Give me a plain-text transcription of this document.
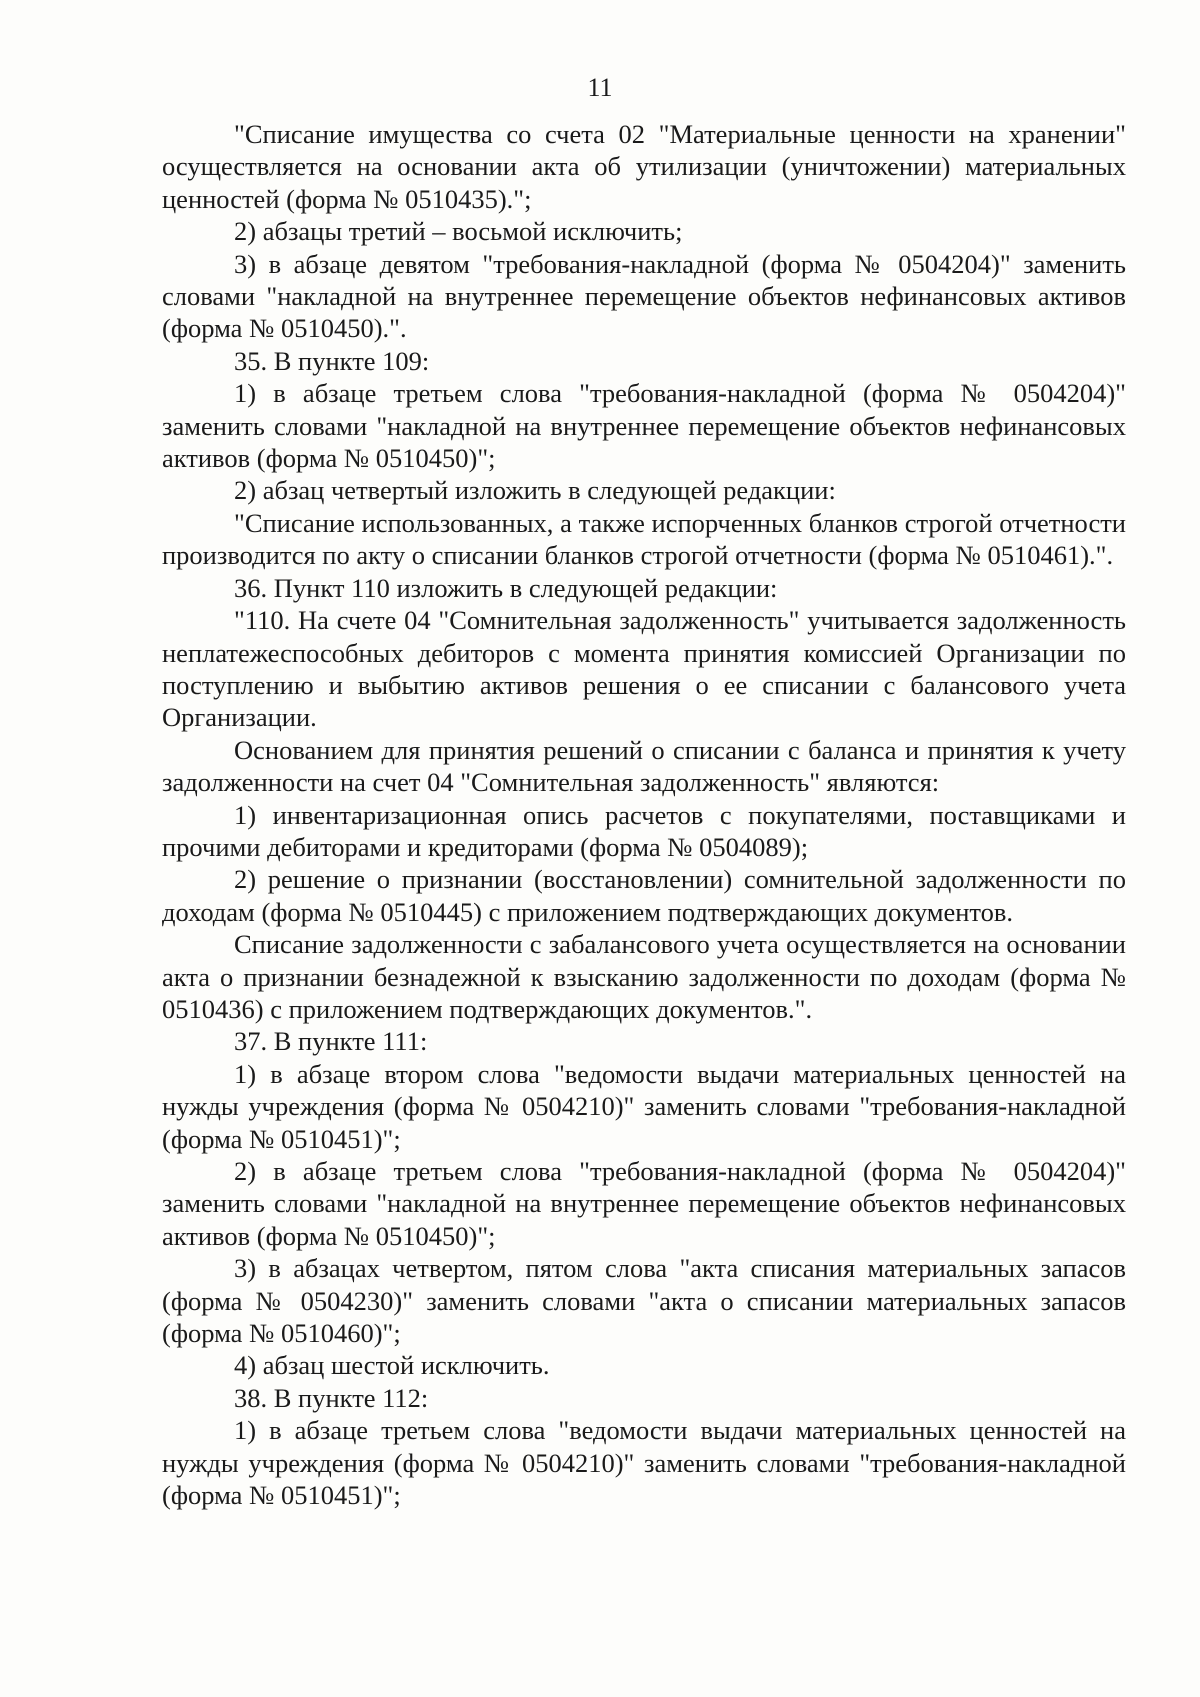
11

"Списание имущества со счета 02 "Материальные ценности на хранении" осуществляется на основании акта об утилизации (уничтожении) материальных ценностей (форма № 0510435).";

2) абзацы третий – восьмой исключить;

3) в абзаце девятом "требования-накладной (форма № 0504204)" заменить словами "накладной на внутреннее перемещение объектов нефинансовых активов (форма № 0510450).".

35. В пункте 109:

1) в абзаце третьем слова "требования-накладной (форма № 0504204)" заменить словами "накладной на внутреннее перемещение объектов нефинансовых активов (форма № 0510450)";

2) абзац четвертый изложить в следующей редакции:

"Списание использованных, а также испорченных бланков строгой отчетности производится по акту о списании бланков строгой отчетности (форма № 0510461).".

36. Пункт 110 изложить в следующей редакции:

"110. На счете 04 "Сомнительная задолженность" учитывается задолженность неплатежеспособных дебиторов с момента принятия комиссией Организации по поступлению и выбытию активов решения о ее списании с балансового учета Организации.

Основанием для принятия решений о списании с баланса и принятия к учету задолженности на счет 04 "Сомнительная задолженность" являются:

1) инвентаризационная опись расчетов с покупателями, поставщиками и прочими дебиторами и кредиторами (форма № 0504089);

2) решение о признании (восстановлении) сомнительной задолженности по доходам (форма № 0510445) с приложением подтверждающих документов.

Списание задолженности с забалансового учета осуществляется на основании акта о признании безнадежной к взысканию задолженности по доходам (форма № 0510436) с приложением подтверждающих документов.".

37. В пункте 111:

1) в абзаце втором слова "ведомости выдачи материальных ценностей на нужды учреждения (форма № 0504210)" заменить словами "требования-накладной (форма № 0510451)";

2) в абзаце третьем слова "требования-накладной (форма № 0504204)" заменить словами "накладной на внутреннее перемещение объектов нефинансовых активов (форма № 0510450)";

3) в абзацах четвертом, пятом слова "акта списания материальных запасов (форма № 0504230)" заменить словами "акта о списании материальных запасов (форма № 0510460)";

4) абзац шестой исключить.

38. В пункте 112:

1) в абзаце третьем слова "ведомости выдачи материальных ценностей на нужды учреждения (форма № 0504210)" заменить словами "требования-накладной (форма № 0510451)";
